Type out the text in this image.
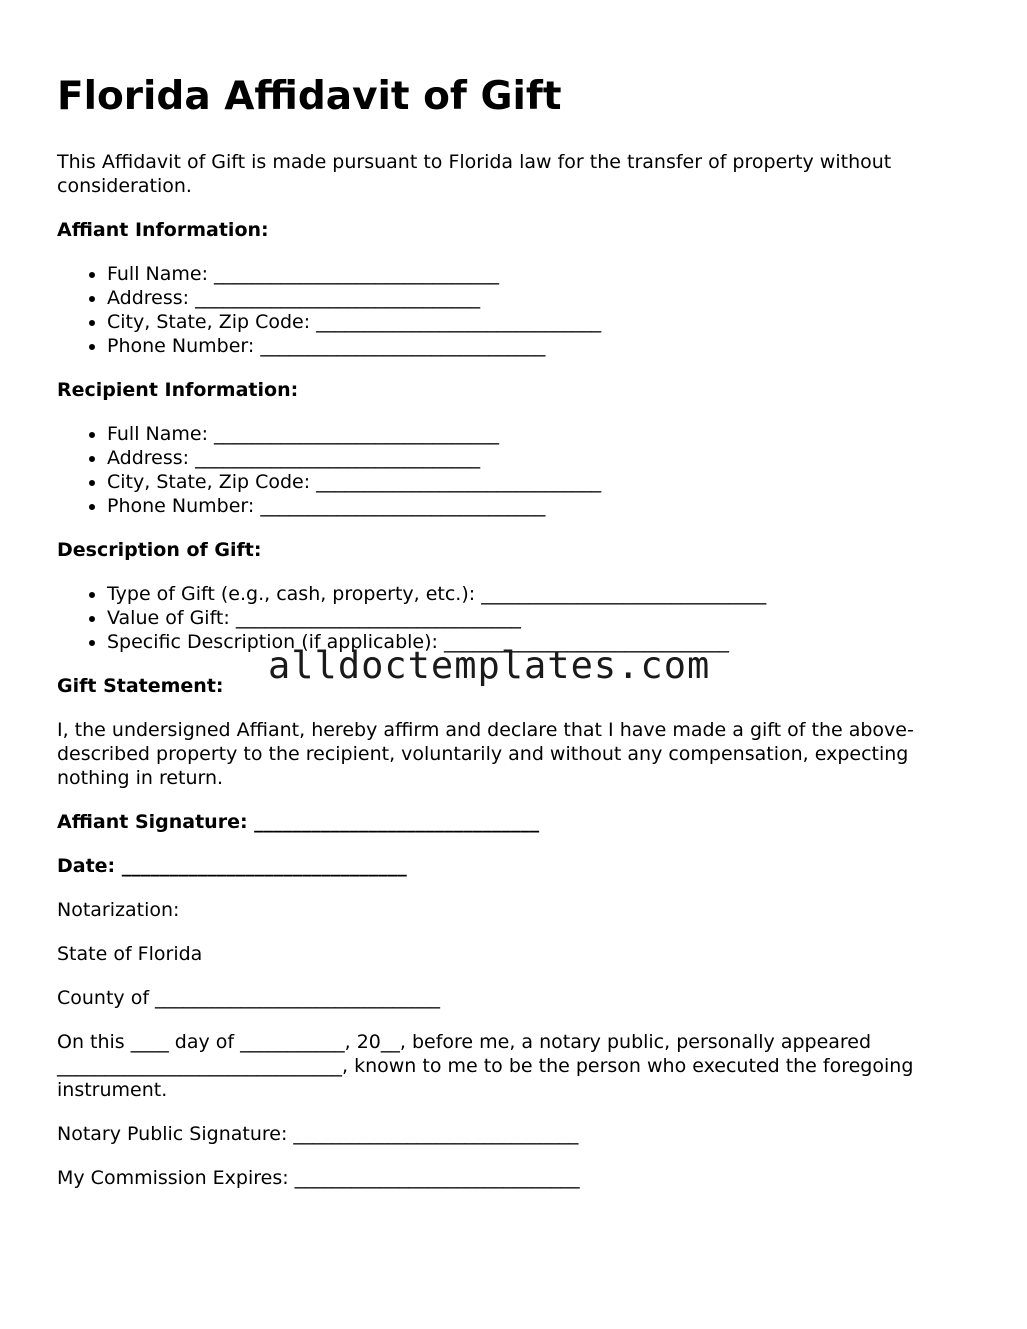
Florida Affidavit of Gift

This Affidavit of Gift is made pursuant to Florida law for the transfer of property without consideration.

Affiant Information:

• Full Name: ______________________________
• Address: ______________________________
• City, State, Zip Code: ______________________________
• Phone Number: ______________________________

Recipient Information:

• Full Name: ______________________________
• Address: ______________________________
• City, State, Zip Code: ______________________________
• Phone Number: ______________________________

Description of Gift:

• Type of Gift (e.g., cash, property, etc.): ______________________________
• Value of Gift: ______________________________
• Specific Description (if applicable): ______________________________

Gift Statement:

I, the undersigned Affiant, hereby affirm and declare that I have made a gift of the above-described property to the recipient, voluntarily and without any compensation, expecting nothing in return.

Affiant Signature: ______________________________

Date: ______________________________

Notarization:

State of Florida

County of ______________________________

On this ____ day of ___________, 20__, before me, a notary public, personally appeared ______________________________, known to me to be the person who executed the foregoing instrument.

Notary Public Signature: ______________________________

My Commission Expires: ______________________________

alldoctemplates.com
